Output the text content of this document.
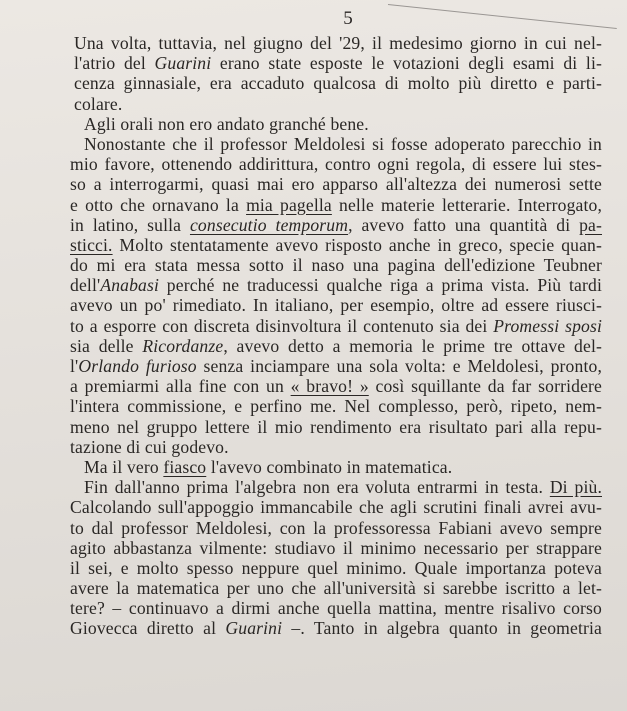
5
Una volta, tuttavia, nel giugno del '29, il medesimo giorno in cui nel-
l'atrio del Guarini erano state esposte le votazioni degli esami di li-
cenza ginnasiale, era accaduto qualcosa di molto più diretto e parti-
colare.
Agli orali non ero andato granché bene.
Nonostante che il professor Meldolesi si fosse adoperato parecchio in
mio favore, ottenendo addirittura, contro ogni regola, di essere lui stes-
so a interrogarmi, quasi mai ero apparso all'altezza dei numerosi sette
e otto che ornavano la mia pagella nelle materie letterarie. Interrogato,
in latino, sulla consecutio temporum, avevo fatto una quantità di pa-
sticci. Molto stentatamente avevo risposto anche in greco, specie quan-
do mi era stata messa sotto il naso una pagina dell'edizione Teubner
dell'Anabasi perché ne traducessi qualche riga a prima vista. Più tardi
avevo un po' rimediato. In italiano, per esempio, oltre ad essere riusci-
to a esporre con discreta disinvoltura il contenuto sia dei Promessi sposi
sia delle Ricordanze, avevo detto a memoria le prime tre ottave del-
l'Orlando furioso senza inciampare una sola volta: e Meldolesi, pronto,
a premiarmi alla fine con un « bravo! » così squillante da far sorridere
l'intera commissione, e perfino me. Nel complesso, però, ripeto, nem-
meno nel gruppo lettere il mio rendimento era risultato pari alla repu-
tazione di cui godevo.
Ma il vero fiasco l'avevo combinato in matematica.
Fin dall'anno prima l'algebra non era voluta entrarmi in testa. Di più.
Calcolando sull'appoggio immancabile che agli scrutini finali avrei avu-
to dal professor Meldolesi, con la professoressa Fabiani avevo sempre
agito abbastanza vilmente: studiavo il minimo necessario per strappare
il sei, e molto spesso neppure quel minimo. Quale importanza poteva
avere la matematica per uno che all'università si sarebbe iscritto a let-
tere? – continuavo a dirmi anche quella mattina, mentre risalivo corso
Giovecca diretto al Guarini –. Tanto in algebra quanto in geometria
